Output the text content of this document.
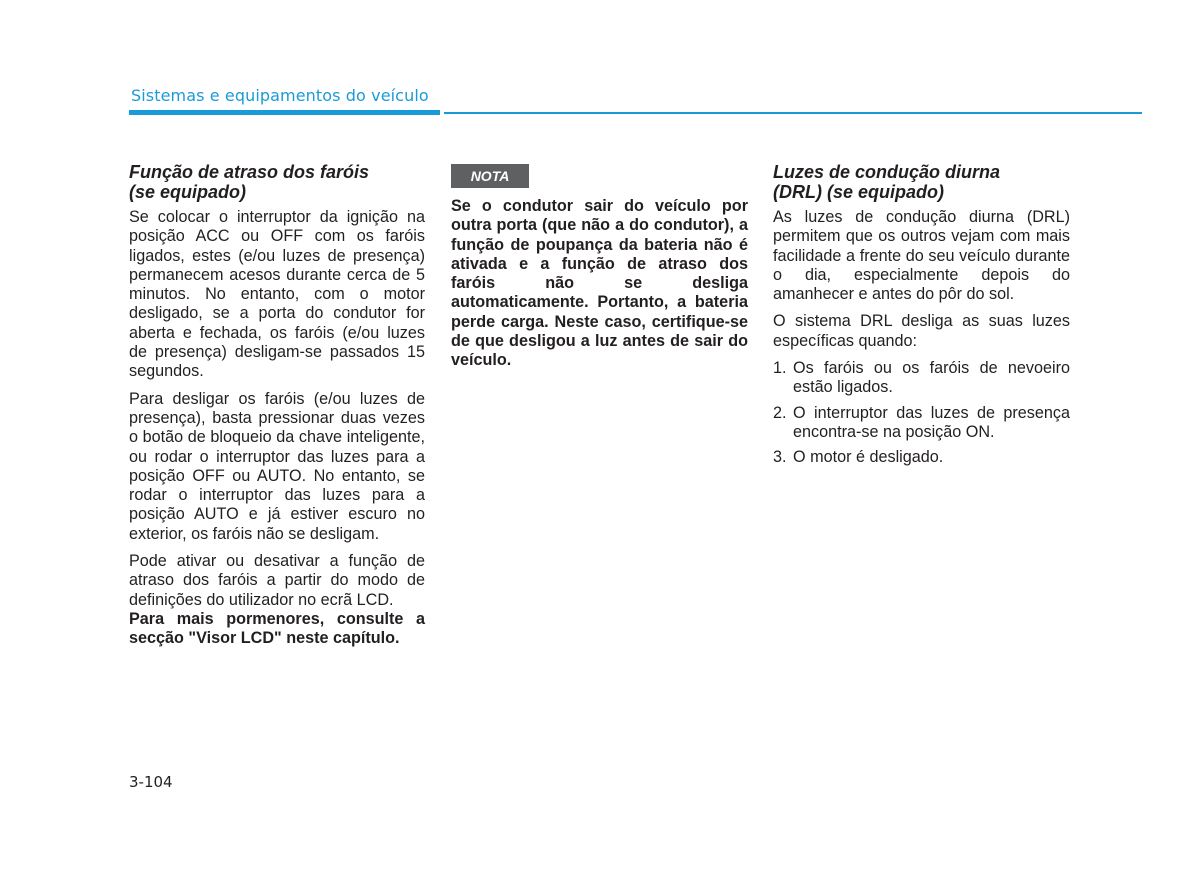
Sistemas e equipamentos do veículo
Função de atraso dos faróis
(se equipado)

Se colocar o interruptor da ignição na posição ACC ou OFF com os faróis ligados, estes (e/ou luzes de presença) permanecem acesos durante cerca de 5 minutos. No entanto, com o motor desligado, se a porta do condutor for aberta e fechada, os faróis (e/ou luzes de presença) desligam-se passados 15 segundos.

Para desligar os faróis (e/ou luzes de presença), basta pressionar duas vezes o botão de bloqueio da chave inteligente, ou rodar o interruptor das luzes para a posição OFF ou AUTO. No entanto, se rodar o interruptor das luzes para a posição AUTO e já estiver escuro no exterior, os faróis não se desligam.

Pode ativar ou desativar a função de atraso dos faróis a partir do modo de definições do utilizador no ecrã LCD.

Para mais pormenores, consulte a secção "Visor LCD" neste capítulo.

NOTA

Se o condutor sair do veículo por outra porta (que não a do condutor), a função de poupança da bateria não é ativada e a função de atraso dos faróis não se desliga automaticamente. Portanto, a bateria perde carga. Neste caso, certifique-se de que desligou a luz antes de sair do veículo.

Luzes de condução diurna
(DRL) (se equipado)

As luzes de condução diurna (DRL) permitem que os outros vejam com mais facilidade a frente do seu veículo durante o dia, especialmente depois do amanhecer e antes do pôr do sol.

O sistema DRL desliga as suas luzes específicas quando:

1. Os faróis ou os faróis de nevoeiro estão ligados.
2. O interruptor das luzes de presença encontra-se na posição ON.
3. O motor é desligado.
3-104
